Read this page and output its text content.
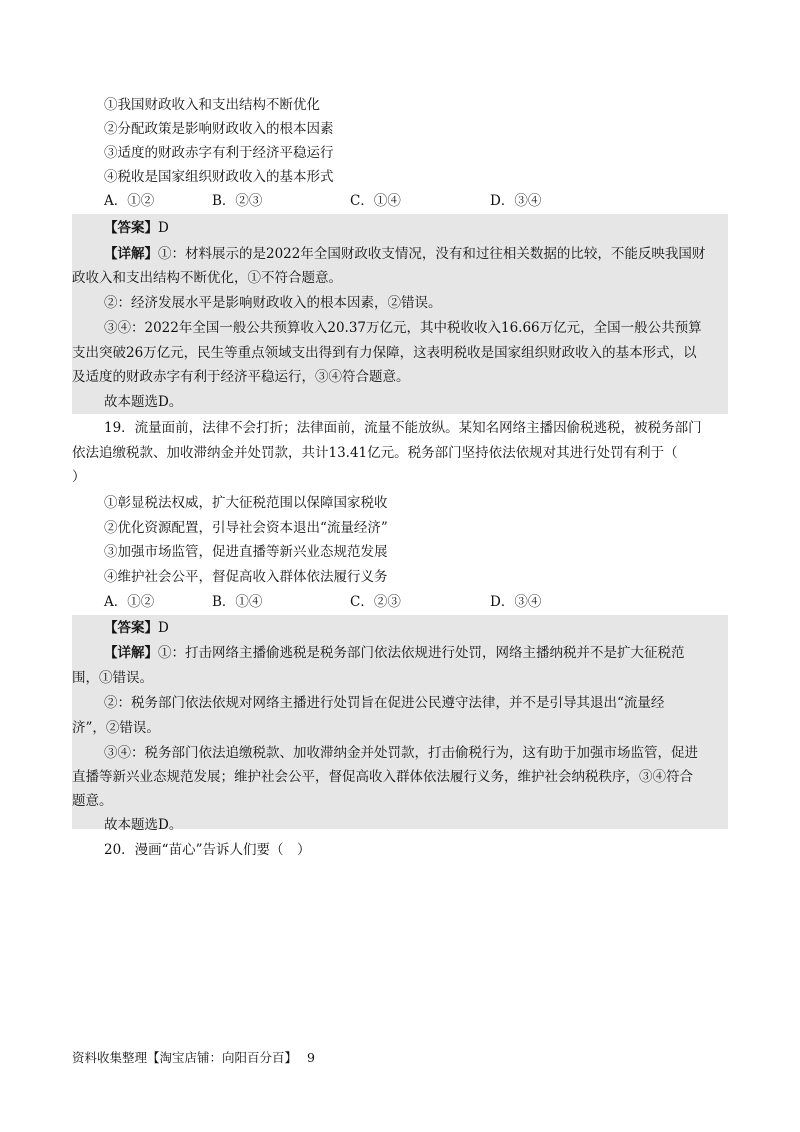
①我国财政收入和支出结构不断优化
②分配政策是影响财政收入的根本因素
③适度的财政赤字有利于经济平稳运行
④税收是国家组织财政收入的基本形式
A．①②	B．②③	C．①④	D．③④
【答案】D
【详解】①：材料展示的是2022年全国财政收支情况，没有和过往相关数据的比较，不能反映我国财
政收入和支出结构不断优化，①不符合题意。
②：经济发展水平是影响财政收入的根本因素，②错误。
③④：2022年全国一般公共预算收入20.37万亿元，其中税收收入16.66万亿元，全国一般公共预算
支出突破26万亿元，民生等重点领域支出得到有力保障，这表明税收是国家组织财政收入的基本形式，以
及适度的财政赤字有利于经济平稳运行，③④符合题意。
故本题选D。
19．流量面前，法律不会打折；法律面前，流量不能放纵。某知名网络主播因偷税逃税，被税务部门
依法追缴税款、加收滞纳金并处罚款，共计13.41亿元。税务部门坚持依法依规对其进行处罚有利于（
）
①彰显税法权威，扩大征税范围以保障国家税收
②优化资源配置，引导社会资本退出“流量经济”
③加强市场监管，促进直播等新兴业态规范发展
④维护社会公平，督促高收入群体依法履行义务
A．①②	B．①④	C．②③	D．③④
【答案】D
【详解】①：打击网络主播偷逃税是税务部门依法依规进行处罚，网络主播纳税并不是扩大征税范
围，①错误。
②：税务部门依法依规对网络主播进行处罚旨在促进公民遵守法律，并不是引导其退出“流量经
济”，②错误。
③④：税务部门依法追缴税款、加收滞纳金并处罚款，打击偷税行为，这有助于加强市场监管，促进
直播等新兴业态规范发展；维护社会公平，督促高收入群体依法履行义务，维护社会纳税秩序，③④符合
题意。
故本题选D。
20．漫画“苗心”告诉人们要（　）
资料收集整理【淘宝店铺：向阳百分百】 9
